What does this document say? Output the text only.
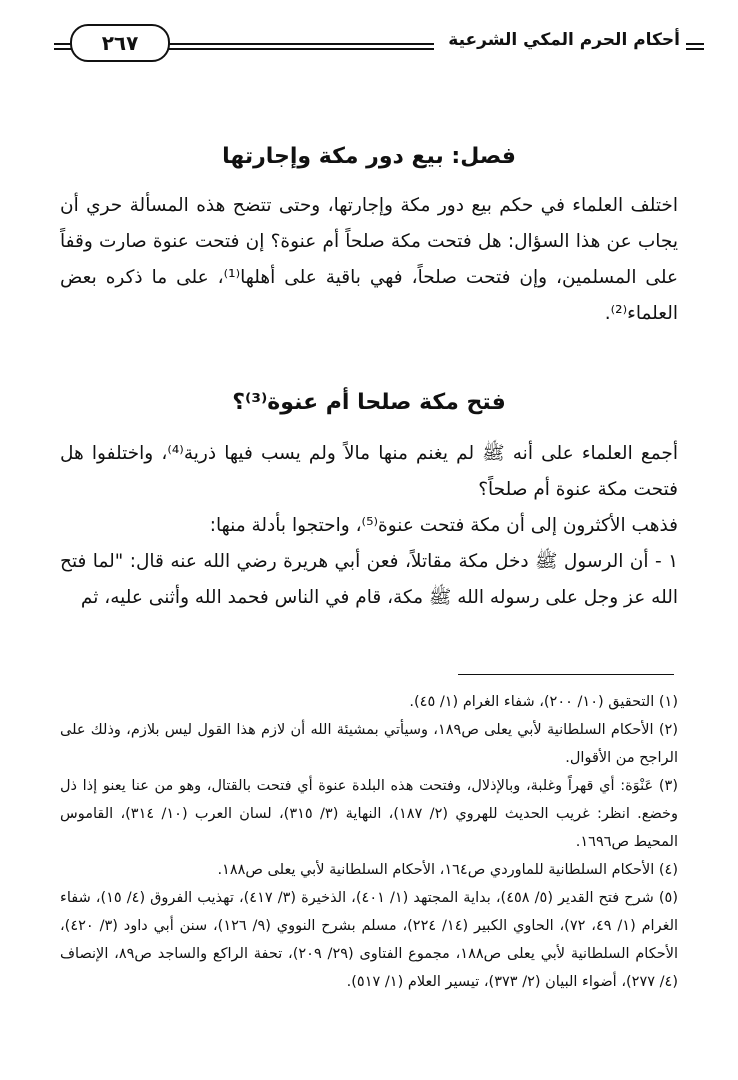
أحكام الحرم المكي الشرعية
٢٦٧
فصل: بيع دور مكة وإجارتها

اختلف العلماء في حكم بيع دور مكة وإجارتها، وحتى تتضح هذه المسألة حري أن يجاب عن هذا السؤال: هل فتحت مكة صلحاً أم عنوة؟ إن فتحت عنوة صارت وقفاً على المسلمين، وإن فتحت صلحاً، فهي باقية على أهلها⁽¹⁾، على ما ذكره بعض العلماء⁽²⁾.

فتح مكة صلحا أم عنوة⁽³⁾؟

أجمع العلماء على أنه ﷺ لم يغنم منها مالاً ولم يسب فيها ذرية⁽⁴⁾، واختلفوا هل فتحت مكة عنوة أم صلحاً؟

فذهب الأكثرون إلى أن مكة فتحت عنوة⁽⁵⁾، واحتجوا بأدلة منها:

١ - أن الرسول ﷺ دخل مكة مقاتلاً، فعن أبي هريرة رضي الله عنه قال: "لما فتح الله عز وجل على رسوله الله ﷺ مكة، قام في الناس فحمد الله وأثنى عليه، ثم

(١) التحقيق (١٠/ ٢٠٠)، شفاء الغرام (١/ ٤٥).

(٢) الأحكام السلطانية لأبي يعلى ص١٨٩، وسيأتي بمشيئة الله أن لازم هذا القول ليس بلازم، وذلك على الراجح من الأقوال.

(٣) عَنْوَة: أي قهراً وغلبة، وبالإذلال، وفتحت هذه البلدة عنوة أي فتحت بالقتال، وهو من عنا يعنو إذا ذل وخضع. انظر: غريب الحديث للهروي (٢/ ١٨٧)، النهاية (٣/ ٣١٥)، لسان العرب (١٠/ ٣١٤)، القاموس المحيط ص١٦٩٦.

(٤) الأحكام السلطانية للماوردي ص١٦٤، الأحكام السلطانية لأبي يعلى ص١٨٨.

(٥) شرح فتح القدير (٥/ ٤٥٨)، بداية المجتهد (١/ ٤٠١)، الذخيرة (٣/ ٤١٧)، تهذيب الفروق (٤/ ١٥)، شفاء الغرام (١/ ٤٩، ٧٢)، الحاوي الكبير (١٤/ ٢٢٤)، مسلم بشرح النووي (٩/ ١٢٦)، سنن أبي داود (٣/ ٤٢٠)، الأحكام السلطانية لأبي يعلى ص١٨٨، مجموع الفتاوى (٢٩/ ٢٠٩)، تحفة الراكع والساجد ص٨٩، الإنصاف (٤/ ٢٧٧)، أضواء البيان (٢/ ٣٧٣)، تيسير العلام (١/ ٥١٧).
